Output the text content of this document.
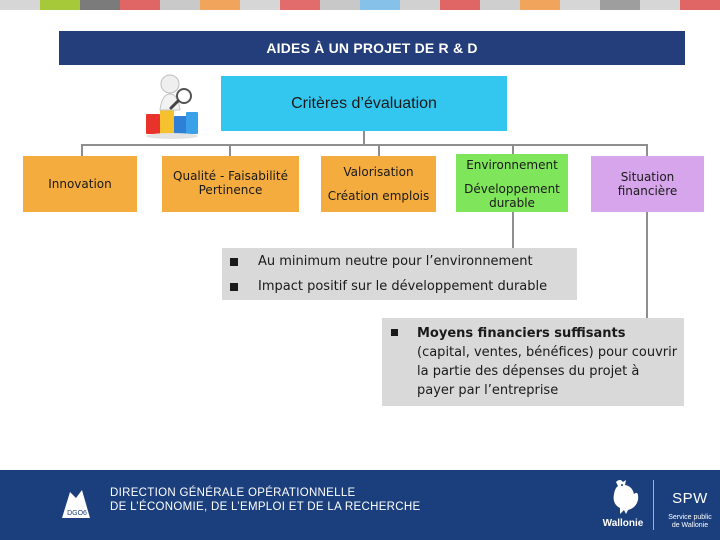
AIDES À UN PROJET DE R & D
Critères d’évaluation
Innovation
Qualité - Faisabilité
Pertinence
Valorisation
Création emplois
Environnement
Développement durable
Situation
financière
Au minimum neutre pour l’environnement
Impact positif sur le développement durable
Moyens financiers suffisants (capital, ventes, bénéfices) pour couvrir la partie des dépenses du projet à payer par l’entreprise
DGO6
DIRECTION GÉNÉRALE OPÉRATIONNELLE
DE L’ÉCONOMIE, DE L’EMPLOI ET DE LA RECHERCHE
Wallonie
SPW
Service public
de Wallonie
